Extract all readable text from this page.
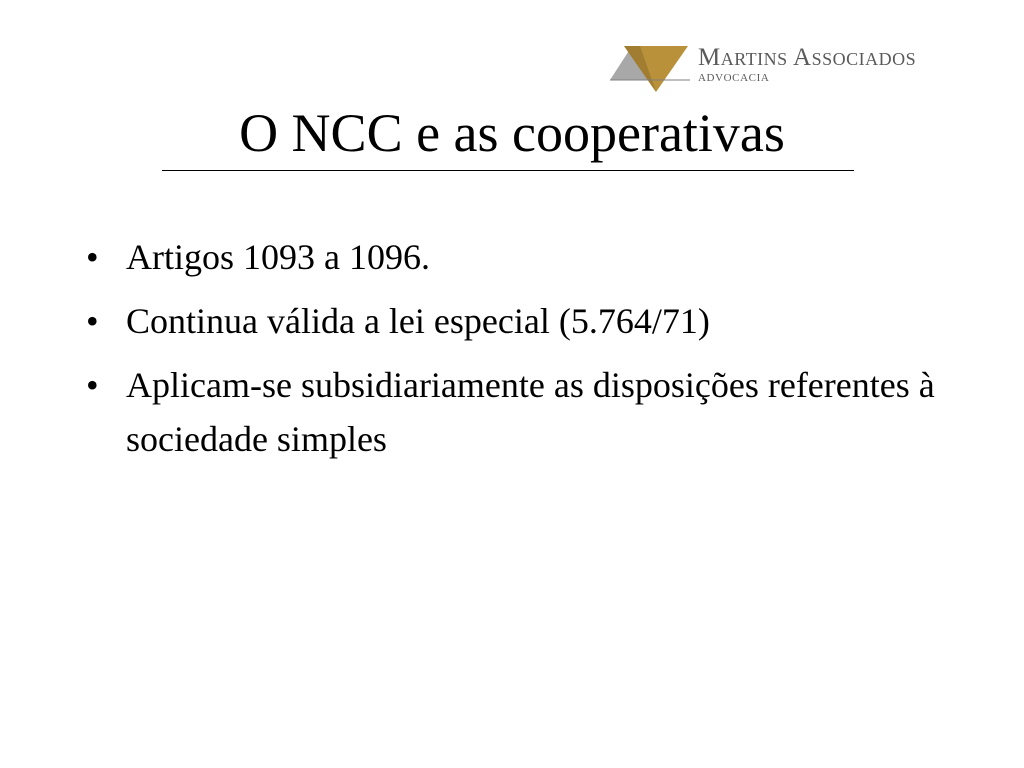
Martins Associados
ADVOCACIA
O NCC e as cooperativas
• Artigos 1093 a 1096.
• Continua válida a lei especial (5.764/71)
• Aplicam-se subsidiariamente as disposições referentes à sociedade simples
